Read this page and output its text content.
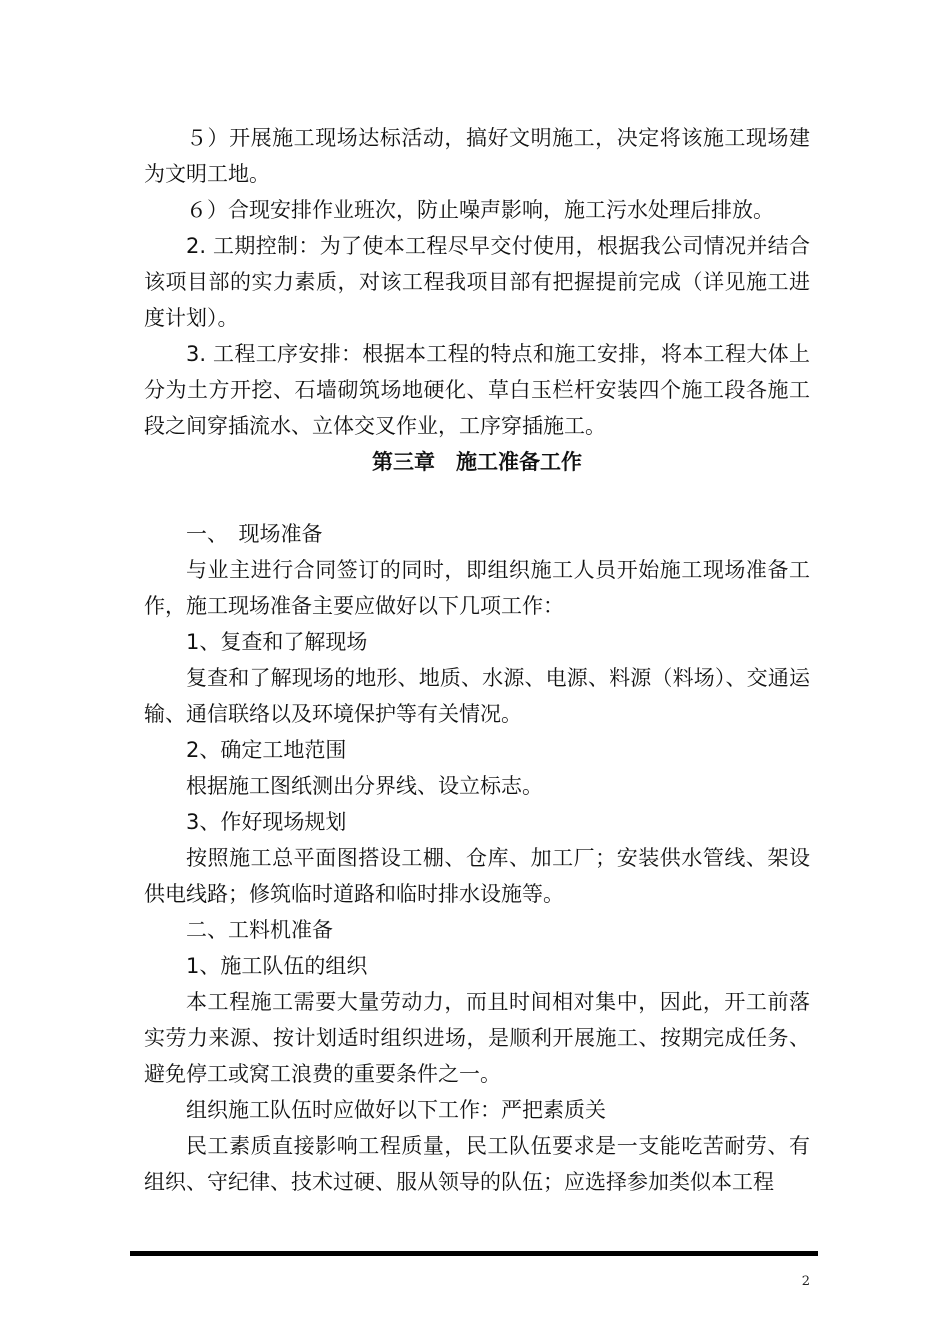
５）开展施工现场达标活动，搞好文明施工，决定将该施工现场建为文明工地。

６）合现安排作业班次，防止噪声影响，施工污水处理后排放。

2. 工期控制：为了使本工程尽早交付使用，根据我公司情况并结合该项目部的实力素质，对该工程我项目部有把握提前完成（详见施工进度计划）。

3. 工程工序安排：根据本工程的特点和施工安排，将本工程大体上分为土方开挖、石墙砌筑场地硬化、草白玉栏杆安装四个施工段各施工段之间穿插流水、立体交叉作业，工序穿插施工。

第三章　施工准备工作

一、　现场准备

与业主进行合同签订的同时，即组织施工人员开始施工现场准备工作，施工现场准备主要应做好以下几项工作：

1、复查和了解现场

复查和了解现场的地形、地质、水源、电源、料源（料场）、交通运输、通信联络以及环境保护等有关情况。

2、确定工地范围

根据施工图纸测出分界线、设立标志。

3、作好现场规划

按照施工总平面图搭设工棚、仓库、加工厂；安装供水管线、架设供电线路；修筑临时道路和临时排水设施等。

二、工料机准备

1、施工队伍的组织

本工程施工需要大量劳动力，而且时间相对集中，因此，开工前落实劳力来源、按计划适时组织进场，是顺利开展施工、按期完成任务、避免停工或窝工浪费的重要条件之一。

组织施工队伍时应做好以下工作：严把素质关

民工素质直接影响工程质量，民工队伍要求是一支能吃苦耐劳、有组织、守纪律、技术过硬、服从领导的队伍；应选择参加类似本工程

2
